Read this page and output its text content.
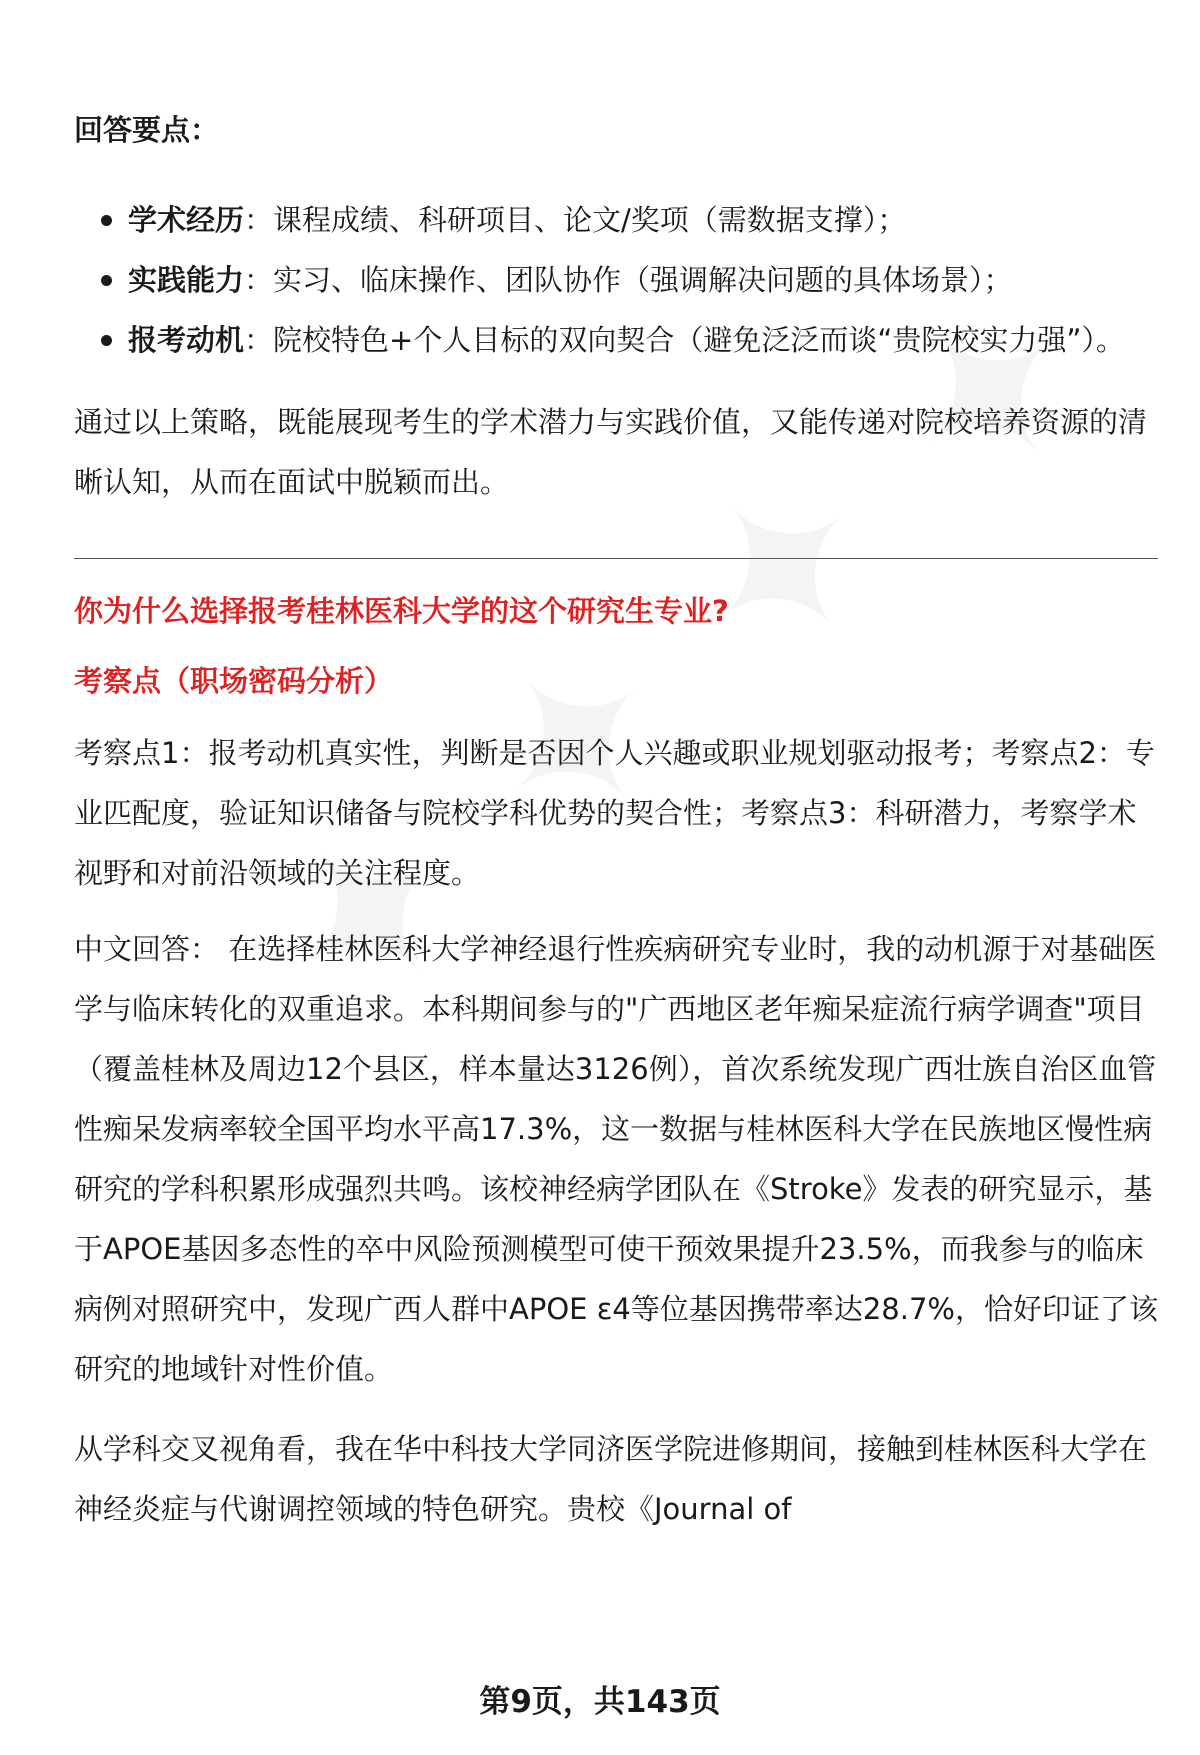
回答要点：

学术经历：课程成绩、科研项目、论文/奖项（需数据支撑）；
实践能力：实习、临床操作、团队协作（强调解决问题的具体场景）；
报考动机：院校特色+个人目标的双向契合（避免泛泛而谈“贵院校实力强”）。

通过以上策略，既能展现考生的学术潜力与实践价值，又能传递对院校培养资源的清晰认知，从而在面试中脱颖而出。

你为什么选择报考桂林医科大学的这个研究生专业?

考察点（职场密码分析）

考察点1：报考动机真实性，判断是否因个人兴趣或职业规划驱动报考；考察点2：专业匹配度，验证知识储备与院校学科优势的契合性；考察点3：科研潜力，考察学术视野和对前沿领域的关注程度。

中文回答： 在选择桂林医科大学神经退行性疾病研究专业时，我的动机源于对基础医学与临床转化的双重追求。本科期间参与的"广西地区老年痴呆症流行病学调查"项目（覆盖桂林及周边12个县区，样本量达3126例），首次系统发现广西壮族自治区血管性痴呆发病率较全国平均水平高17.3%，这一数据与桂林医科大学在民族地区慢性病研究的学科积累形成强烈共鸣。该校神经病学团队在《Stroke》发表的研究显示，基于APOE基因多态性的卒中风险预测模型可使干预效果提升23.5%，而我参与的临床病例对照研究中，发现广西人群中APOE ε4等位基因携带率达28.7%，恰好印证了该研究的地域针对性价值。

从学科交叉视角看，我在华中科技大学同济医学院进修期间，接触到桂林医科大学在神经炎症与代谢调控领域的特色研究。贵校《Journal of

第9页，共143页
